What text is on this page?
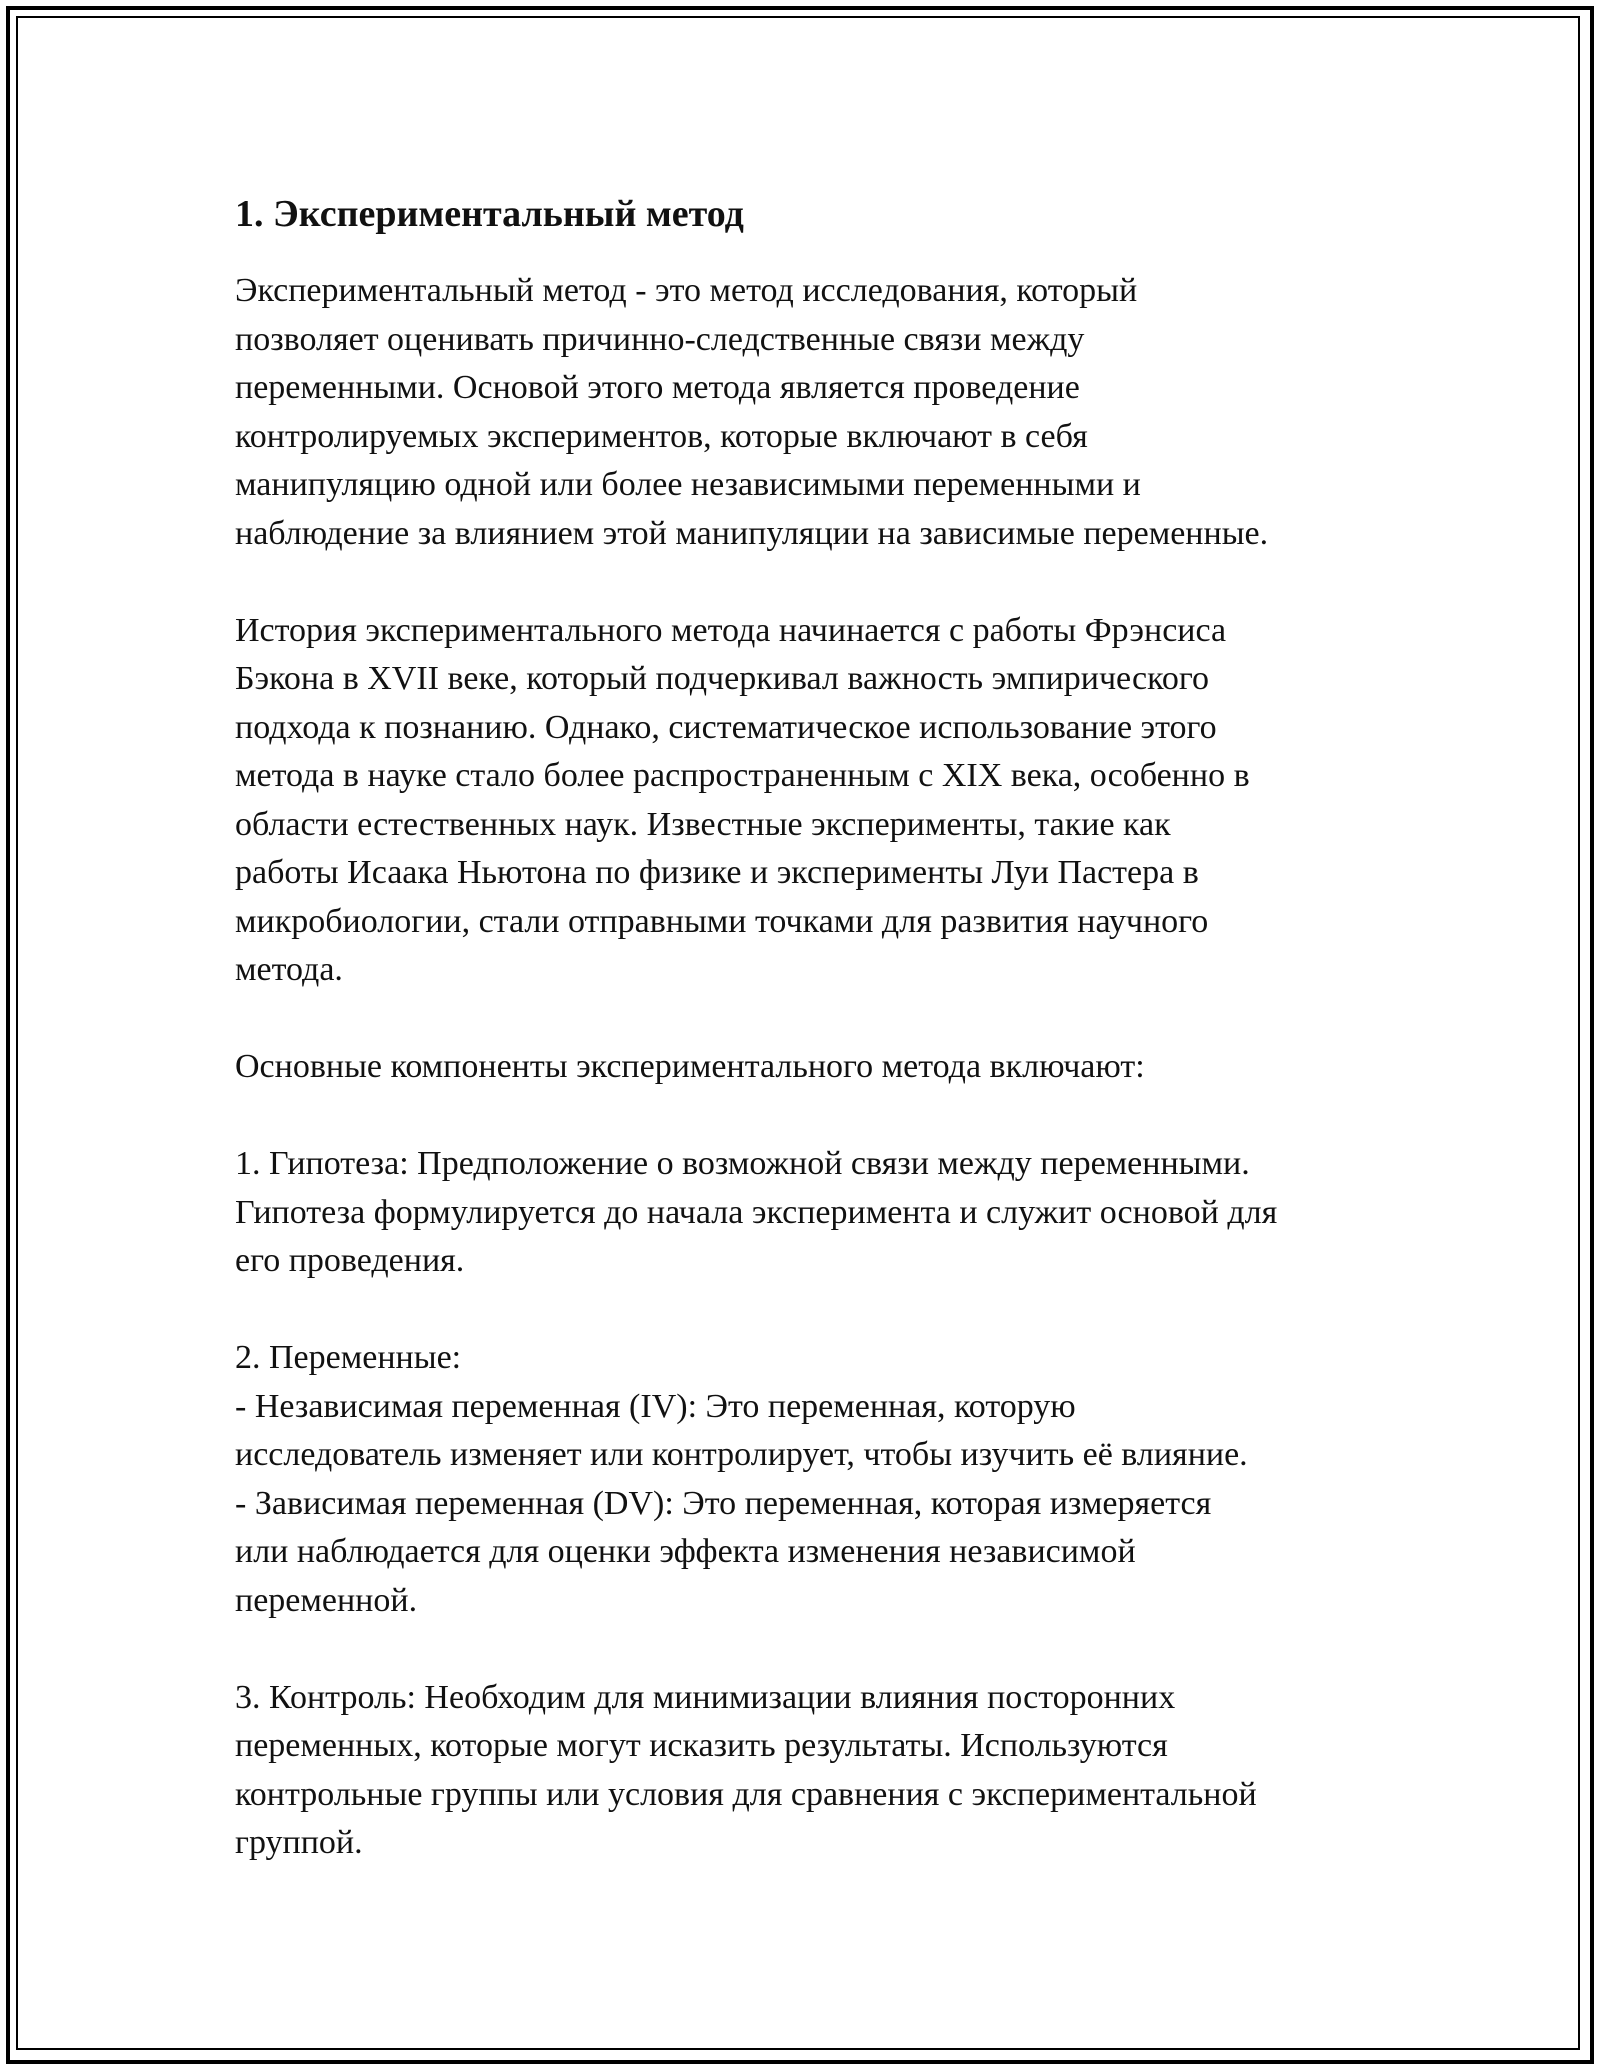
1. Экспериментальный метод

Экспериментальный метод - это метод исследования, который
позволяет оценивать причинно-следственные связи между
переменными. Основой этого метода является проведение
контролируемых экспериментов, которые включают в себя
манипуляцию одной или более независимыми переменными и
наблюдение за влиянием этой манипуляции на зависимые переменные.

История экспериментального метода начинается с работы Фрэнсиса
Бэкона в XVII веке, который подчеркивал важность эмпирического
подхода к познанию. Однако, систематическое использование этого
метода в науке стало более распространенным с XIX века, особенно в
области естественных наук. Известные эксперименты, такие как
работы Исаака Ньютона по физике и эксперименты Луи Пастера в
микробиологии, стали отправными точками для развития научного
метода.

Основные компоненты экспериментального метода включают:

1. Гипотеза: Предположение о возможной связи между переменными.
Гипотеза формулируется до начала эксперимента и служит основой для
его проведения.

2. Переменные:
- Независимая переменная (IV): Это переменная, которую
исследователь изменяет или контролирует, чтобы изучить её влияние.
- Зависимая переменная (DV): Это переменная, которая измеряется
или наблюдается для оценки эффекта изменения независимой
переменной.

3. Контроль: Необходим для минимизации влияния посторонних
переменных, которые могут исказить результаты. Используются
контрольные группы или условия для сравнения с экспериментальной
группой.
